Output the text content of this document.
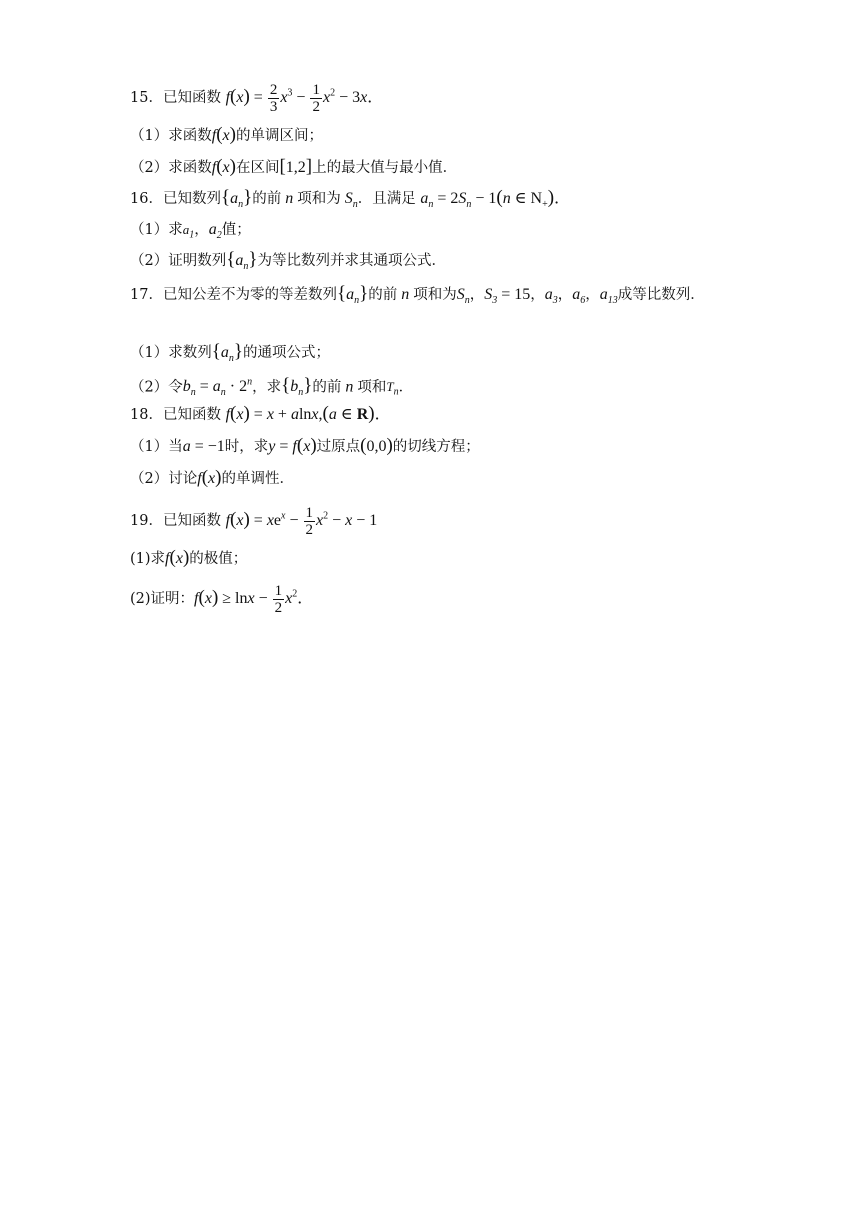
15．已知函数 $f(x) = \frac{2}{3} x^3 - \frac{1}{2} x^2 - 3x$．
（1）求函数f(x)的单调区间；
（2）求函数f(x)在区间[1,2]上的最大值与最小值．
16．已知数列$\{a_n\}$的前 n 项和为 $S_n$．且满足 $a_n = 2S_n - 1(n$ ∈ $N_+$)．
（1）求$a_1$，$a_2$值；
（2）证明数列$\{a_n\}$为等比数列并求其通项公式．
17．已知公差不为零的等差数列$\{a_n\}$的前 n 项和为$S_n$，$S_3 = 15$，$a_3$，$a_6$，$a_{13}$成等比数列．
（1）求数列$\{a_n\}$的通项公式；
（2）令$b_n = a_n \cdot 2^n$，求$\{b_n\}$的前 n 项和$T_n$．
18．已知函数 f(x) = x + alnx,(a ∈ R)．
（1）当a = −1时，求y = f(x)过原点(0,0)的切线方程；
（2）讨论f(x)的单调性．
19．已知函数 $f(x) = xe^x - \frac{1}{2} x^2 - x - 1$
(1)求f(x)的极值；
(2)证明：$f(x) \ge \ln x - \frac{1}{2} x^2$．
